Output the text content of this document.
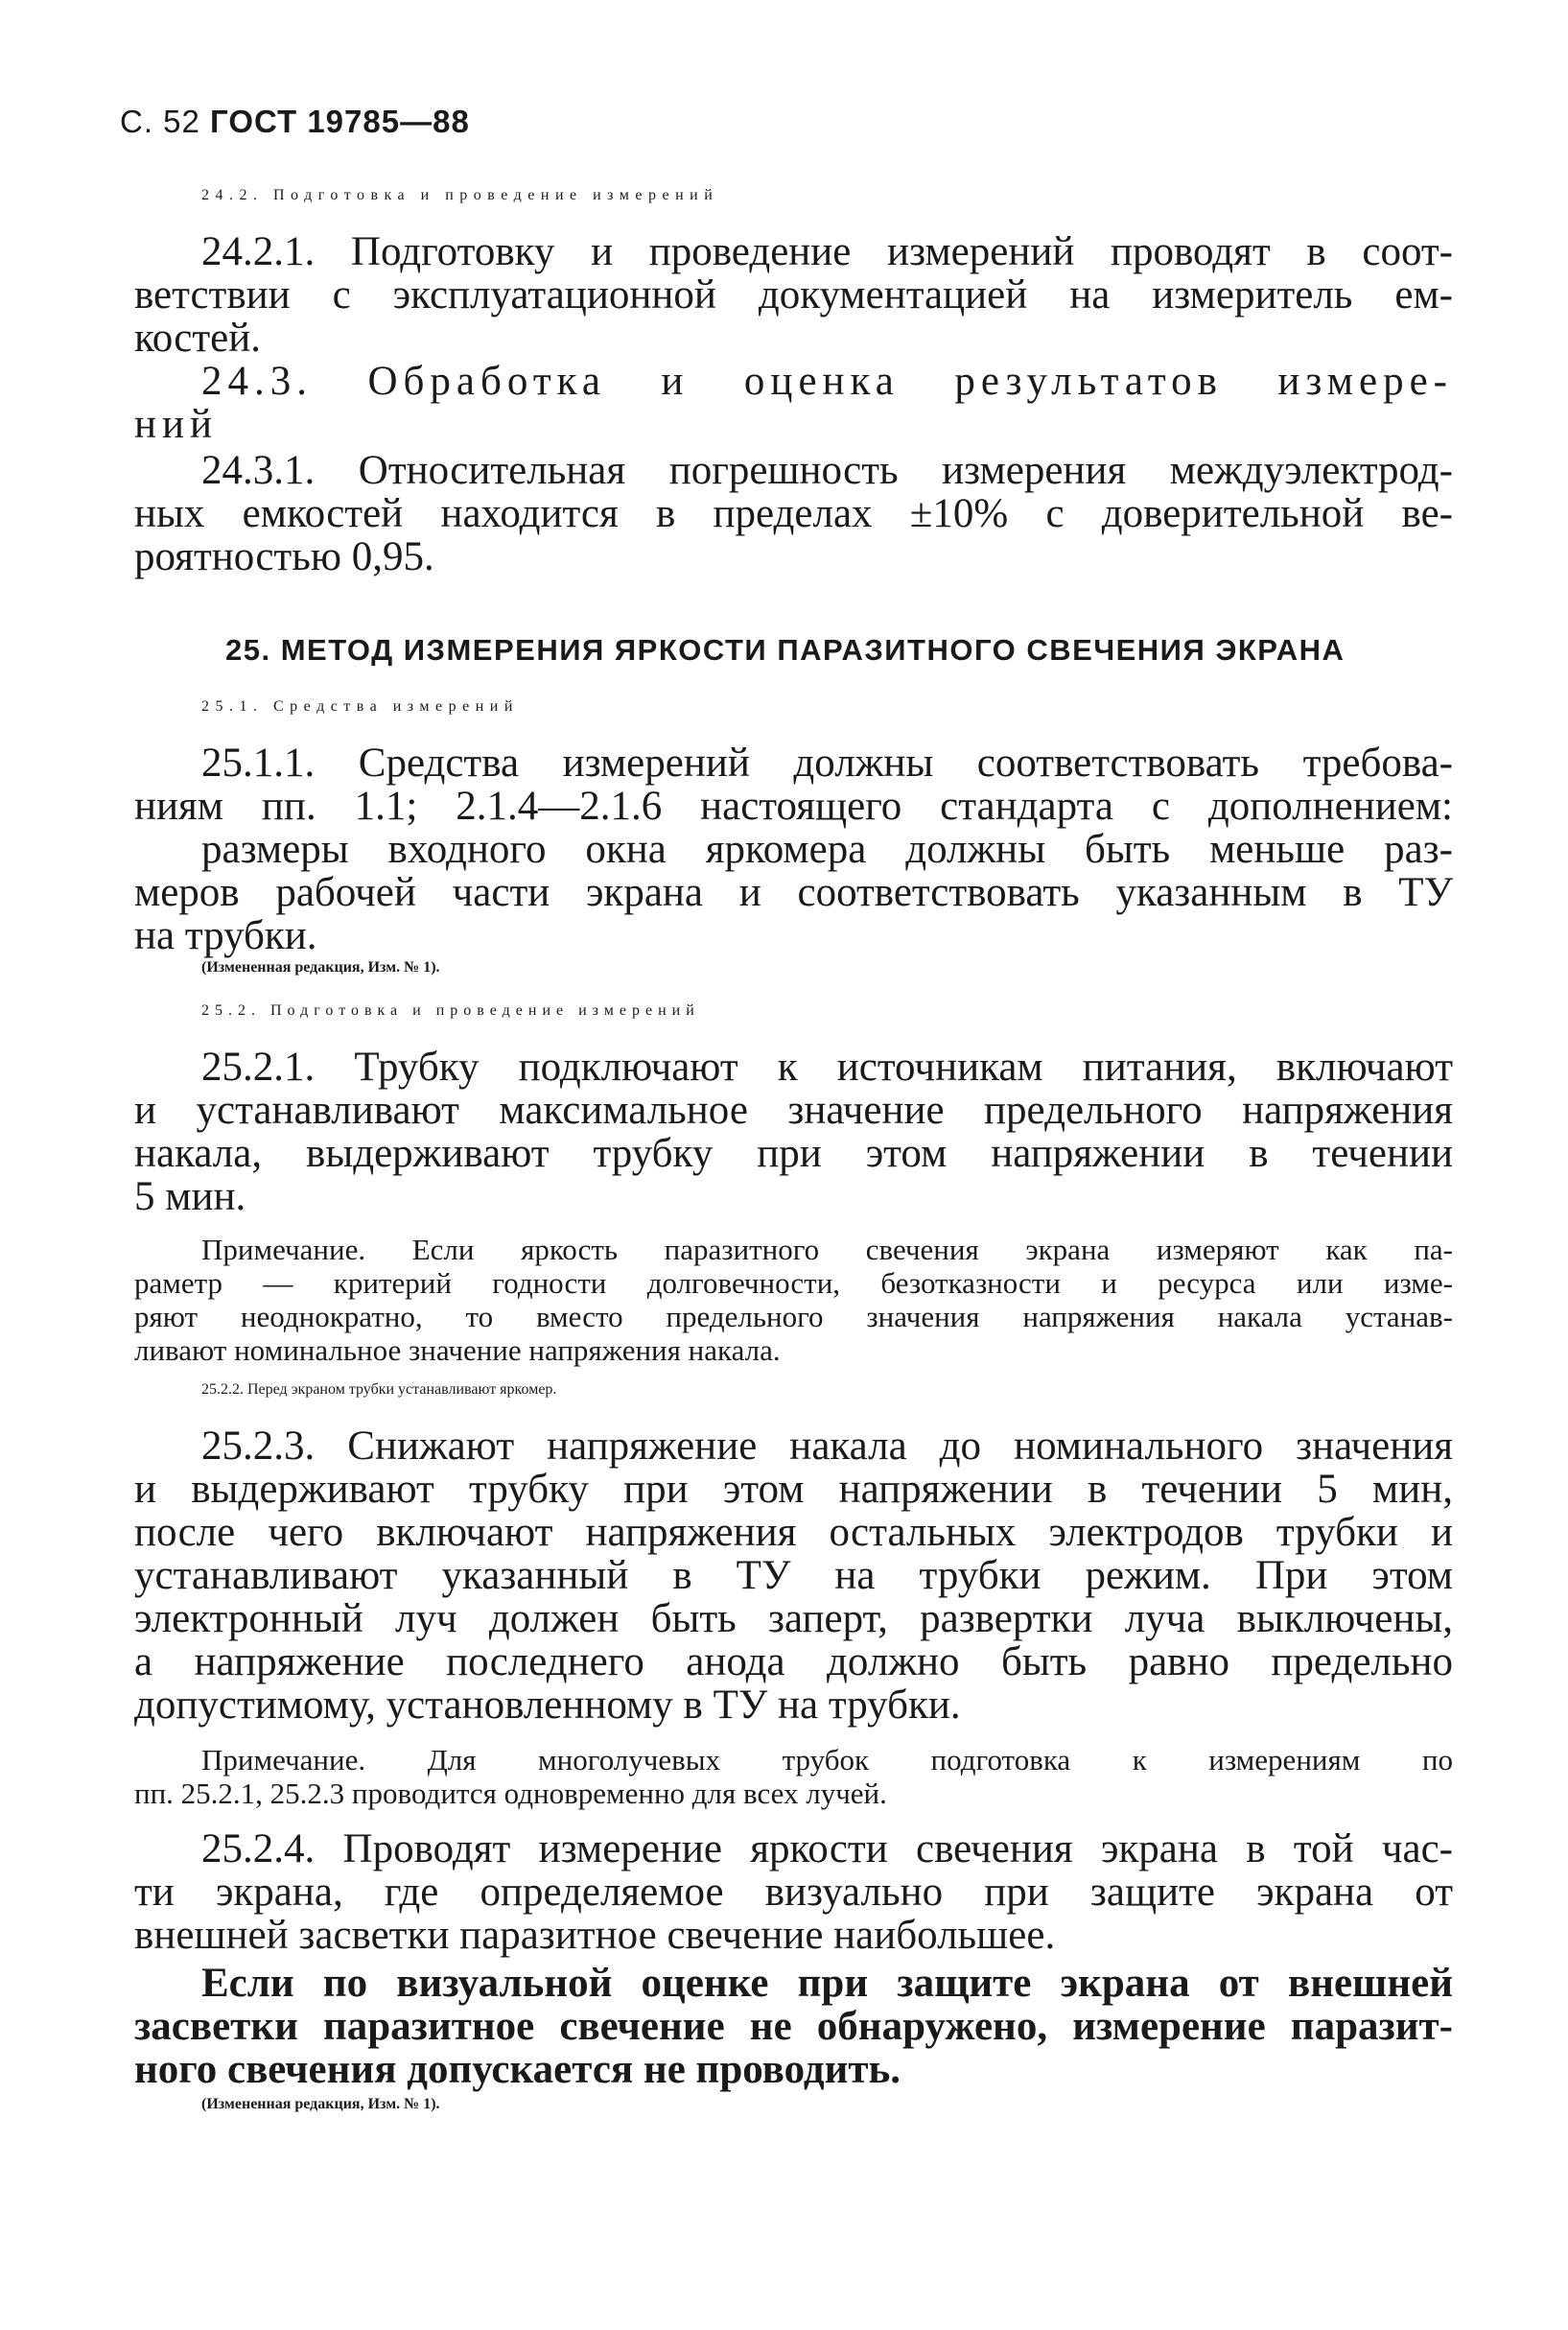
С. 52 ГОСТ 19785—88
24.2. Подготовка и проведение измерений
24.2.1. Подготовку и проведение измерений проводят в соот-
ветствии с эксплуатационной документацией на измеритель ем-
костей.
24.3. Обработка и оценка результатов измере-
ний
24.3.1. Относительная погрешность измерения междуэлектрод-
ных емкостей находится в пределах ±10% с доверительной ве-
роятностью 0,95.
25. МЕТОД ИЗМЕРЕНИЯ ЯРКОСТИ ПАРАЗИТНОГО СВЕЧЕНИЯ ЭКРАНА
25.1. Средства измерений
25.1.1. Средства измерений должны соответствовать требова-
ниям пп. 1.1; 2.1.4—2.1.6 настоящего стандарта с дополнением:
размеры входного окна яркомера должны быть меньше раз-
меров рабочей части экрана и соответствовать указанным в ТУ
на трубки.
(Измененная редакция, Изм. № 1).
25.2. Подготовка и проведение измерений
25.2.1. Трубку подключают к источникам питания, включают
и устанавливают максимальное значение предельного напряжения
накала, выдерживают трубку при этом напряжении в течении
5 мин.
Примечание. Если яркость паразитного свечения экрана измеряют как па-
раметр — критерий годности долговечности, безотказности и ресурса или изме-
ряют неоднократно, то вместо предельного значения напряжения накала устанав-
ливают номинальное значение напряжения накала.
25.2.2. Перед экраном трубки устанавливают яркомер.
25.2.3. Снижают напряжение накала до номинального значения
и выдерживают трубку при этом напряжении в течении 5 мин,
после чего включают напряжения остальных электродов трубки и
устанавливают указанный в ТУ на трубки режим. При этом
электронный луч должен быть заперт, развертки луча выключены,
а напряжение последнего анода должно быть равно предельно
допустимому, установленному в ТУ на трубки.
Примечание. Для многолучевых трубок подготовка к измерениям по
пп. 25.2.1, 25.2.3 проводится одновременно для всех лучей.
25.2.4. Проводят измерение яркости свечения экрана в той час-
ти экрана, где определяемое визуально при защите экрана от
внешней засветки паразитное свечение наибольшее.
Если по визуальной оценке при защите экрана от внешней
засветки паразитное свечение не обнаружено, измерение паразит-
ного свечения допускается не проводить.
(Измененная редакция, Изм. № 1).
